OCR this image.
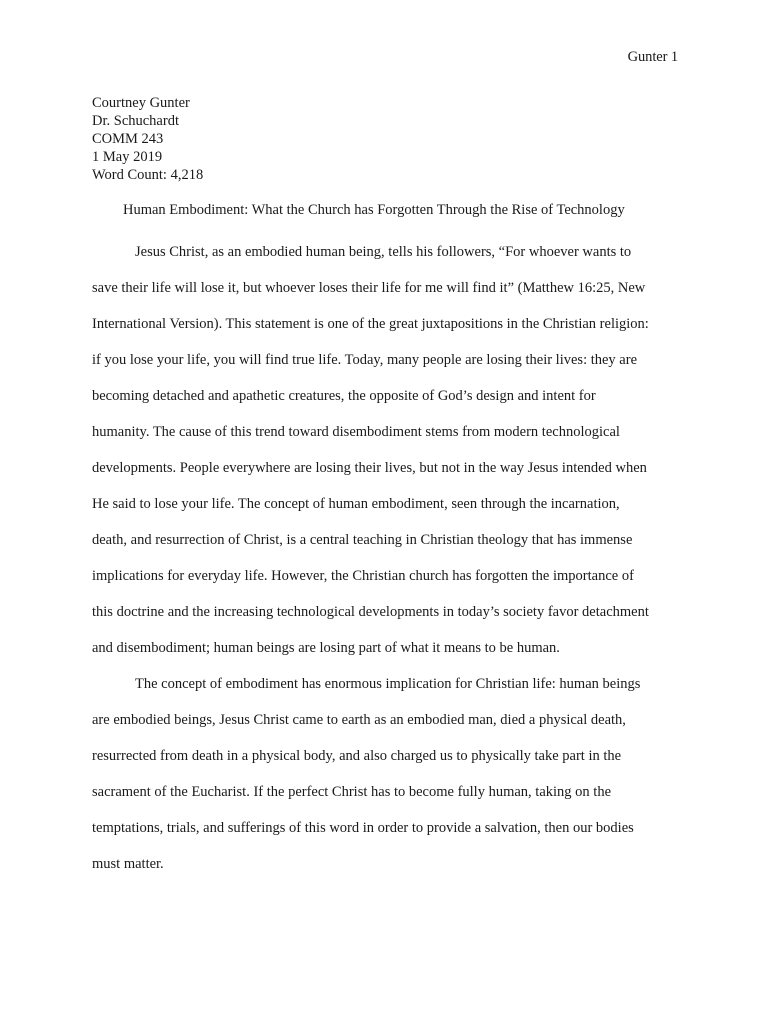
Gunter 1

Courtney Gunter

Dr. Schuchardt

COMM 243

1 May 2019

Word Count: 4,218

Human Embodiment: What the Church has Forgotten Through the Rise of Technology

Jesus Christ, as an embodied human being, tells his followers, “For whoever wants to
save their life will lose it, but whoever loses their life for me will find it” (Matthew 16:25, New
International Version). This statement is one of the great juxtapositions in the Christian religion:
if you lose your life, you will find true life. Today, many people are losing their lives: they are
becoming detached and apathetic creatures, the opposite of God’s design and intent for
humanity. The cause of this trend toward disembodiment stems from modern technological
developments. People everywhere are losing their lives, but not in the way Jesus intended when
He said to lose your life. The concept of human embodiment, seen through the incarnation,
death, and resurrection of Christ, is a central teaching in Christian theology that has immense
implications for everyday life. However, the Christian church has forgotten the importance of
this doctrine and the increasing technological developments in today’s society favor detachment
and disembodiment; human beings are losing part of what it means to be human.

The concept of embodiment has enormous implication for Christian life: human beings
are embodied beings, Jesus Christ came to earth as an embodied man, died a physical death,
resurrected from death in a physical body, and also charged us to physically take part in the
sacrament of the Eucharist. If the perfect Christ has to become fully human, taking on the
temptations, trials, and sufferings of this word in order to provide a salvation, then our bodies
must matter.
